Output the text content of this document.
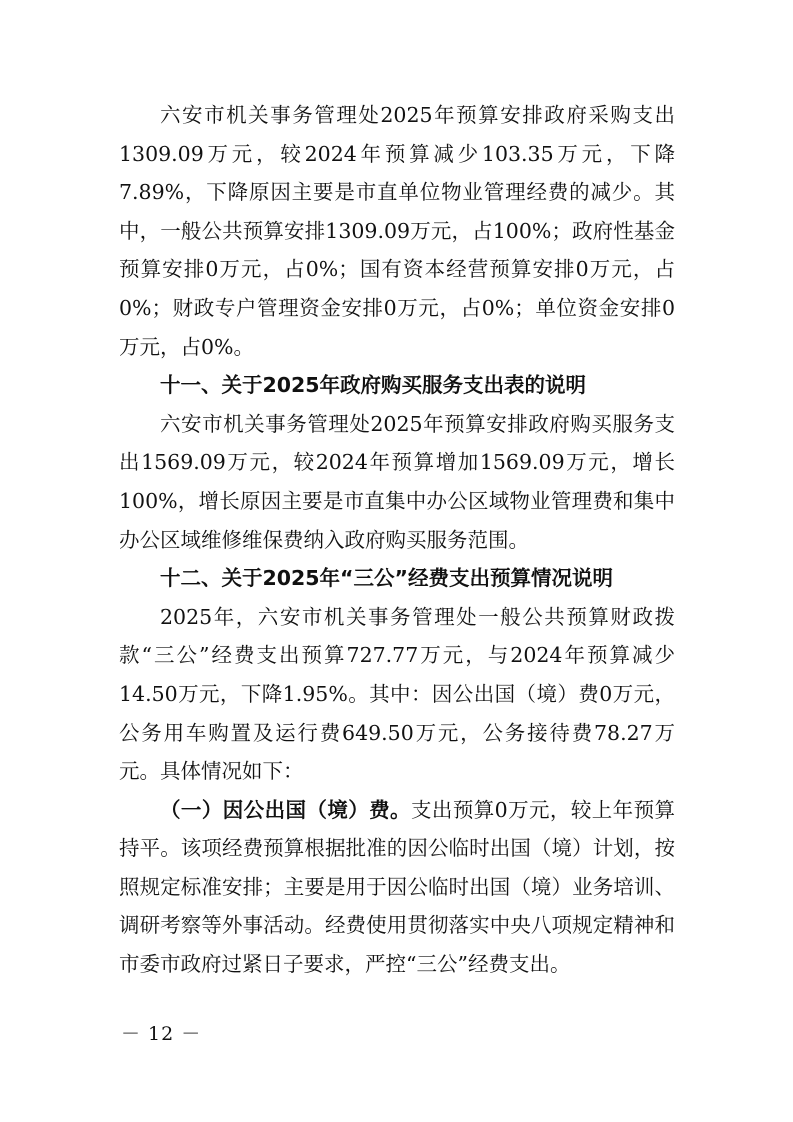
六安市机关事务管理处2025年预算安排政府采购支出1309.09万元，较2024年预算减少103.35万元，下降7.89%，下降原因主要是市直单位物业管理经费的减少。其中，一般公共预算安排1309.09万元，占100%；政府性基金预算安排0万元，占0%；国有资本经营预算安排0万元，占0%；财政专户管理资金安排0万元，占0%；单位资金安排0万元，占0%。

十一、关于2025年政府购买服务支出表的说明

六安市机关事务管理处2025年预算安排政府购买服务支出1569.09万元，较2024年预算增加1569.09万元，增长100%，增长原因主要是市直集中办公区域物业管理费和集中办公区域维修维保费纳入政府购买服务范围。

十二、关于2025年“三公”经费支出预算情况说明

2025年，六安市机关事务管理处一般公共预算财政拨款“三公”经费支出预算727.77万元，与2024年预算减少14.50万元，下降1.95%。其中：因公出国（境）费0万元，公务用车购置及运行费649.50万元，公务接待费78.27万元。具体情况如下：

（一）因公出国（境）费。支出预算0万元，较上年预算持平。该项经费预算根据批准的因公临时出国（境）计划，按照规定标准安排；主要是用于因公临时出国（境）业务培训、调研考察等外事活动。经费使用贯彻落实中央八项规定精神和市委市政府过紧日子要求，严控“三公”经费支出。

－ 12 －
